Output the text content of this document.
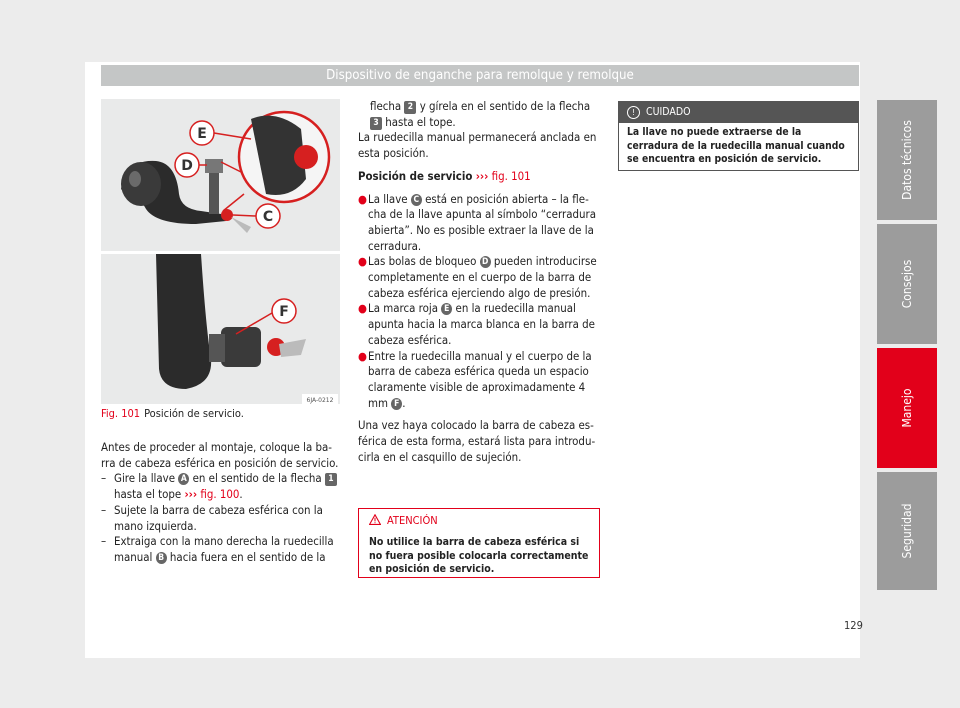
Dispositivo de enganche para remolque y remolque
Datos técnicos
Consejos
Manejo
Seguridad
129
E
D
C
F
6JA-0212
Fig. 101 Posición de servicio.

Antes de proceder al montaje, coloque la barra de cabeza esférica en posición de servicio.

– Gire la llave A en el sentido de la flecha 1 hasta el tope ››› fig. 100.

– Sujete la barra de cabeza esférica con la mano izquierda.

– Extraiga con la mano derecha la ruedecilla manual B hacia fuera en el sentido de la

flecha 2 y gírela en el sentido de la flecha 3 hasta el tope.

La ruedecilla manual permanecerá anclada en esta posición.

Posición de servicio ››› fig. 101

● La llave C está en posición abierta – la flecha de la llave apunta al símbolo “cerradura abierta”. No es posible extraer la llave de la cerradura.

● Las bolas de bloqueo D pueden introducirse completamente en el cuerpo de la barra de cabeza esférica ejerciendo algo de presión.

● La marca roja E en la ruedecilla manual apunta hacia la marca blanca en la barra de cabeza esférica.

● Entre la ruedecilla manual y el cuerpo de la barra de cabeza esférica queda un espacio claramente visible de aproximadamente 4 mm F .

Una vez haya colocado la barra de cabeza esférica de esta forma, estará lista para introducirla en el casquillo de sujeción.

ATENCIÓN
No utilice la barra de cabeza esférica si no fuera posible colocarla correctamente en posición de servicio.
! CUIDADO
La llave no puede extraerse de la cerradura de la ruedecilla manual cuando se encuentra en posición de servicio.
